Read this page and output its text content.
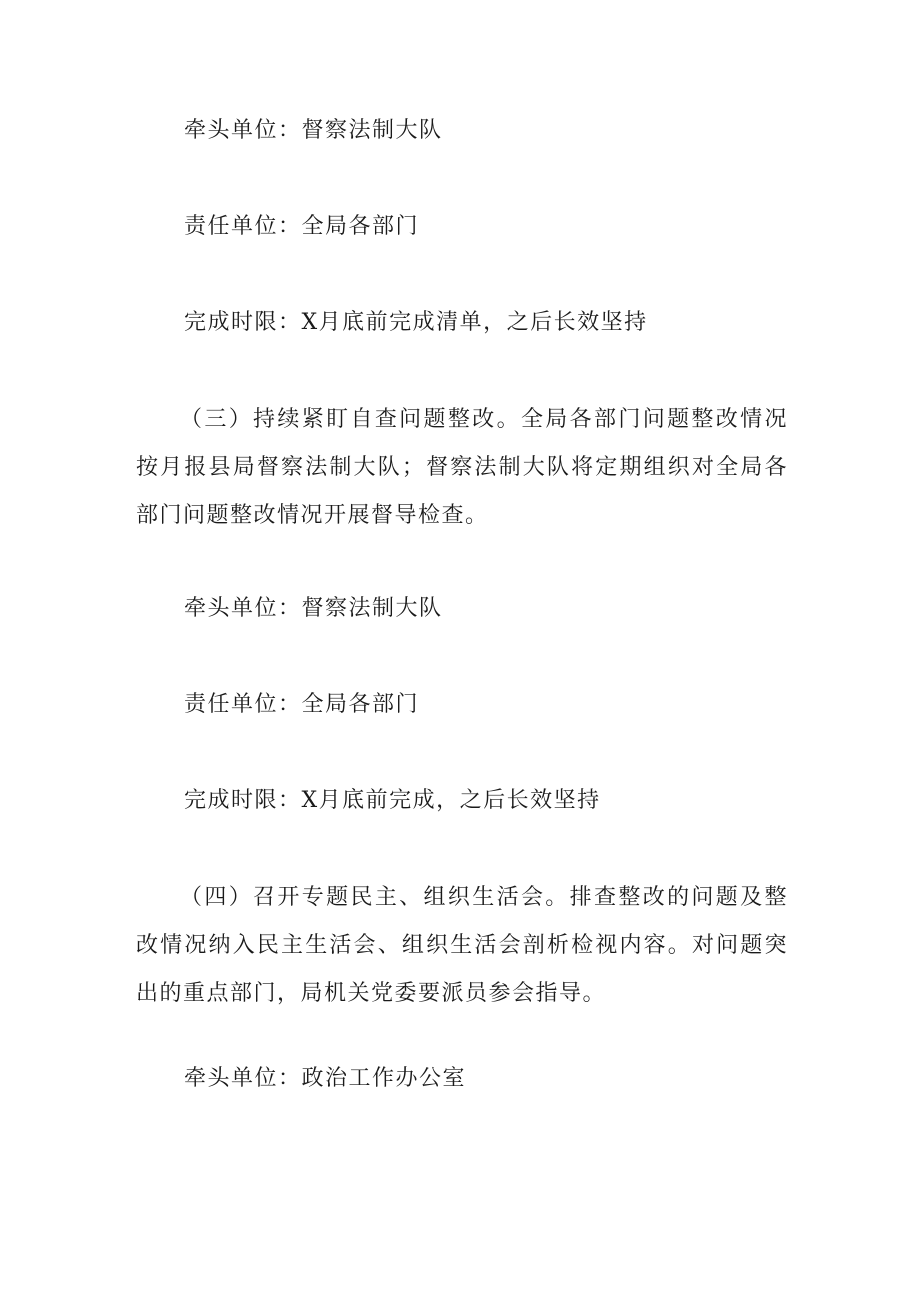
牵头单位：督察法制大队
责任单位：全局各部门
完成时限：X月底前完成清单，之后长效坚持
（三）持续紧盯自查问题整改。全局各部门问题整改情况按月报县局督察法制大队；督察法制大队将定期组织对全局各部门问题整改情况开展督导检查。
牵头单位：督察法制大队
责任单位：全局各部门
完成时限：X月底前完成，之后长效坚持
（四）召开专题民主、组织生活会。排查整改的问题及整改情况纳入民主生活会、组织生活会剖析检视内容。对问题突出的重点部门，局机关党委要派员参会指导。
牵头单位：政治工作办公室
